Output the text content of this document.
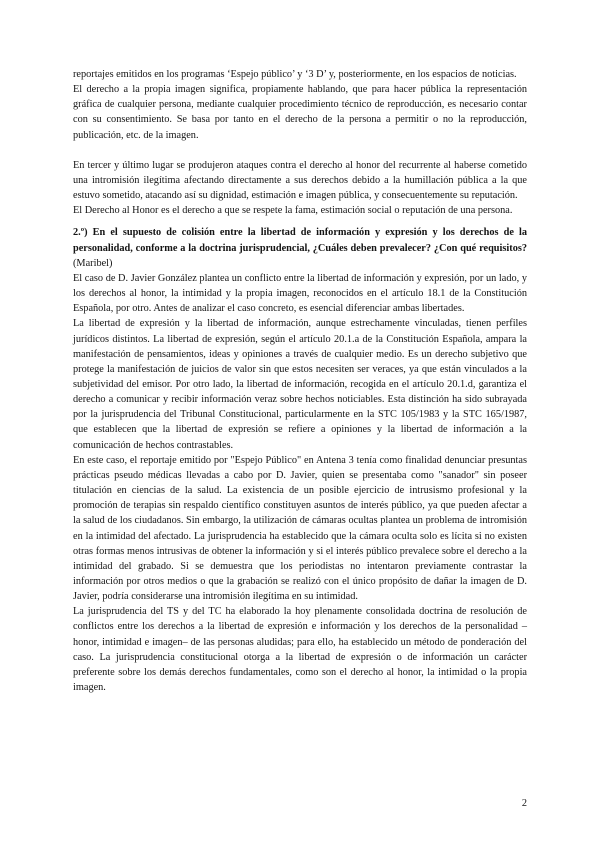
reportajes emitidos en los programas ‘Espejo público’ y ‘3 D’ y, posteriormente, en los espacios de noticias.

El derecho a la propia imagen significa, propiamente hablando, que para hacer pública la representación gráfica de cualquier persona, mediante cualquier procedimiento técnico de reproducción, es necesario contar con su consentimiento. Se basa por tanto en el derecho de la persona a permitir o no la reproducción, publicación, etc. de la imagen.

En tercer y último lugar se produjeron ataques contra el derecho al honor del recurrente al haberse cometido una intromisión ilegítima afectando directamente a sus derechos debido a la humillación pública a la que estuvo sometido, atacando así su dignidad, estimación e imagen pública, y consecuentemente su reputación.

El Derecho al Honor es el derecho a que se respete la fama, estimación social o reputación de una persona.

2.º) En el supuesto de colisión entre la libertad de información y expresión y los derechos de la personalidad, conforme a la doctrina jurisprudencial, ¿Cuáles deben prevalecer? ¿Con qué requisitos? (Maribel)

El caso de D. Javier González plantea un conflicto entre la libertad de información y expresión, por un lado, y los derechos al honor, la intimidad y la propia imagen, reconocidos en el artículo 18.1 de la Constitución Española, por otro. Antes de analizar el caso concreto, es esencial diferenciar ambas libertades.

La libertad de expresión y la libertad de información, aunque estrechamente vinculadas, tienen perfiles jurídicos distintos. La libertad de expresión, según el artículo 20.1.a de la Constitución Española, ampara la manifestación de pensamientos, ideas y opiniones a través de cualquier medio. Es un derecho subjetivo que protege la manifestación de juicios de valor sin que estos necesiten ser veraces, ya que están vinculados a la subjetividad del emisor. Por otro lado, la libertad de información, recogida en el artículo 20.1.d, garantiza el derecho a comunicar y recibir información veraz sobre hechos noticiables. Esta distinción ha sido subrayada por la jurisprudencia del Tribunal Constitucional, particularmente en la STC 105/1983 y la STC 165/1987, que establecen que la libertad de expresión se refiere a opiniones y la libertad de información a la comunicación de hechos contrastables.

En este caso, el reportaje emitido por "Espejo Público" en Antena 3 tenía como finalidad denunciar presuntas prácticas pseudo médicas llevadas a cabo por D. Javier, quien se presentaba como "sanador" sin poseer titulación en ciencias de la salud. La existencia de un posible ejercicio de intrusismo profesional y la promoción de terapias sin respaldo científico constituyen asuntos de interés público, ya que pueden afectar a la salud de los ciudadanos. Sin embargo, la utilización de cámaras ocultas plantea un problema de intromisión en la intimidad del afectado. La jurisprudencia ha establecido que la cámara oculta solo es lícita si no existen otras formas menos intrusivas de obtener la información y si el interés público prevalece sobre el derecho a la intimidad del grabado. Si se demuestra que los periodistas no intentaron previamente contrastar la información por otros medios o que la grabación se realizó con el único propósito de dañar la imagen de D. Javier, podría considerarse una intromisión ilegítima en su intimidad.

La jurisprudencia del TS y del TC ha elaborado la hoy plenamente consolidada doctrina de resolución de conflictos entre los derechos a la libertad de expresión e información y los derechos de la personalidad –honor, intimidad e imagen– de las personas aludidas; para ello, ha establecido un método de ponderación del caso. La jurisprudencia constitucional otorga a la libertad de expresión o de información un carácter preferente sobre los demás derechos fundamentales, como son el derecho al honor, la intimidad o la propia imagen.

2
